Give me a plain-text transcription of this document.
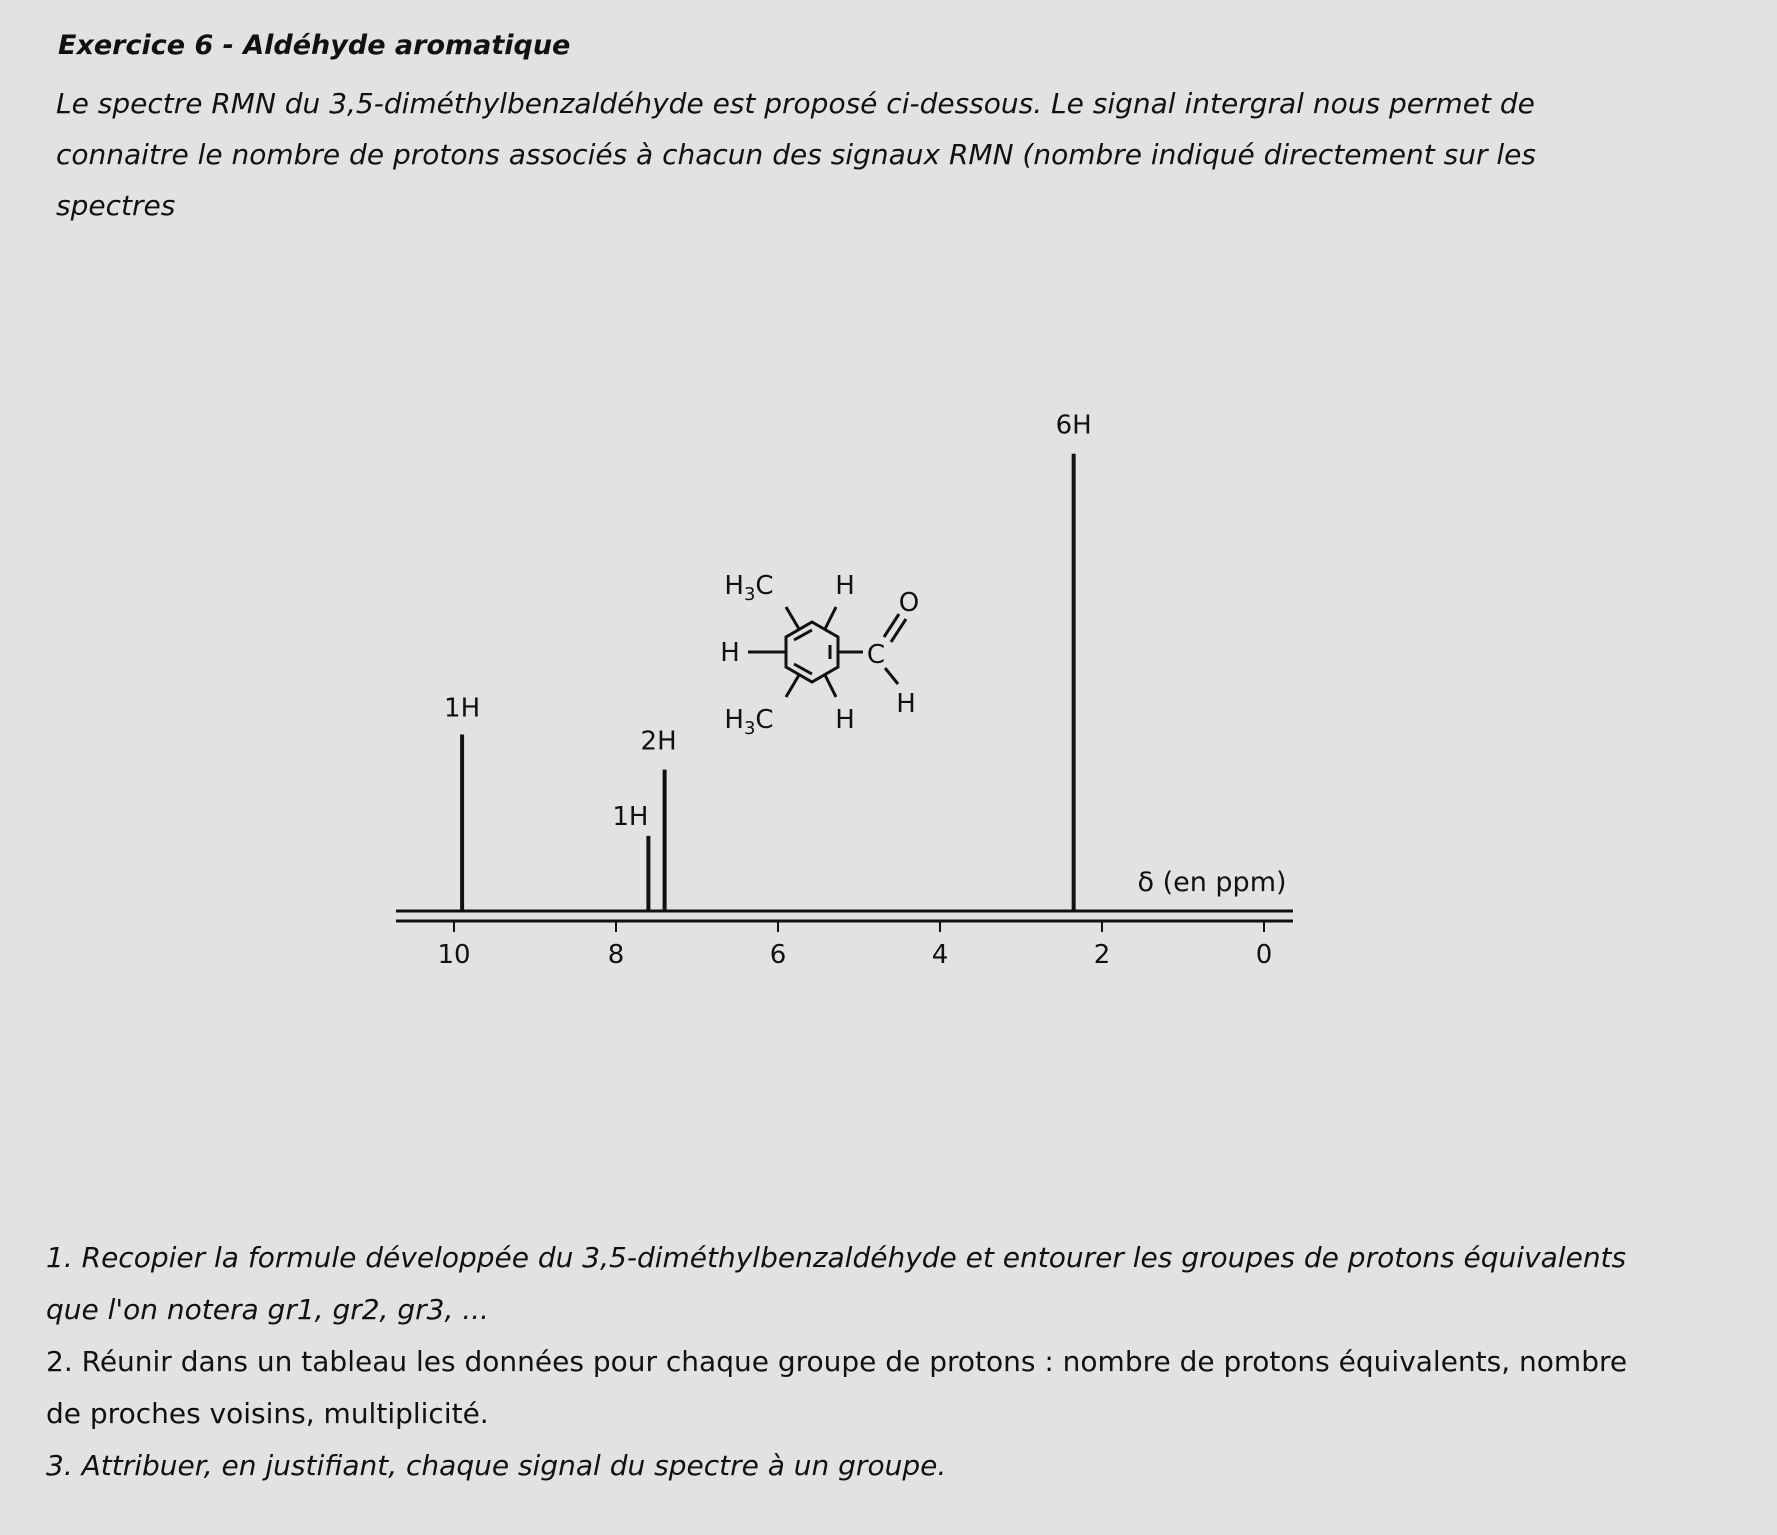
Exercice 6 - Aldéhyde aromatique
Le spectre RMN du 3,5-diméthylbenzaldéhyde est proposé ci-dessous. Le signal intergral nous permet de
connaitre le nombre de protons associés à chacun des signaux RMN (nombre indiqué directement sur les
spectres
$H_3C$ H
O
H	C
H
$H_3C$ H
10	8	6	4	2	0
1H
1H
2H
6H
δ (en ppm)
1. Recopier la formule développée du 3,5-diméthylbenzaldéhyde et entourer les groupes de protons équivalents
que l'on notera gr1, gr2, gr3, ...
2. Réunir dans un tableau les données pour chaque groupe de protons : nombre de protons équivalents, nombre
de proches voisins, multiplicité.
3. Attribuer, en justifiant, chaque signal du spectre à un groupe.
